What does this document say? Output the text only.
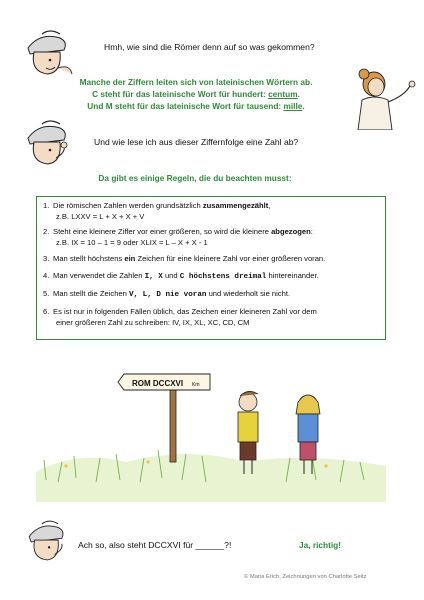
Hmh, wie sind die Römer denn auf so was gekommen?
Manche der Ziffern leiten sich von lateinischen Wörtern ab.
C steht für das lateinische Wort für hundert: centum.
Und M steht für das lateinische Wort für tausend: mille.
Und wie lese ich aus dieser Ziffernfolge eine Zahl ab?
Da gibt es einige Regeln, die du beachten musst:
1. Die römischen Zahlen werden grundsätzlich zusammengezählt,
z.B. LXXV = L + X + X + V
2. Steht eine kleinere Ziffer vor einer größeren, so wird die kleinere abgezogen:
z.B. IX = 10 – 1 = 9 oder XLIX = L – X + X - 1
3. Man stellt höchstens ein Zeichen für eine kleinere Zahl vor einer größeren voran.
4. Man verwendet die Zahlen I, X und C höchstens dreimal hintereinander.
5. Man stellt die Zeichen V, L, D nie voran und wiederholt sie nicht.
6. Es ist nur in folgenden Fällen üblich, das Zeichen einer kleineren Zahl vor dem
einer größeren Zahl zu schreiben: IV, IX, XL, XC, CD, CM
ROM DCCXVI Km
Ach so, also steht DCCXVI für ______?!	Ja, richtig!
© Maria Erich, Zeichnungen von Charlotte Seitz
